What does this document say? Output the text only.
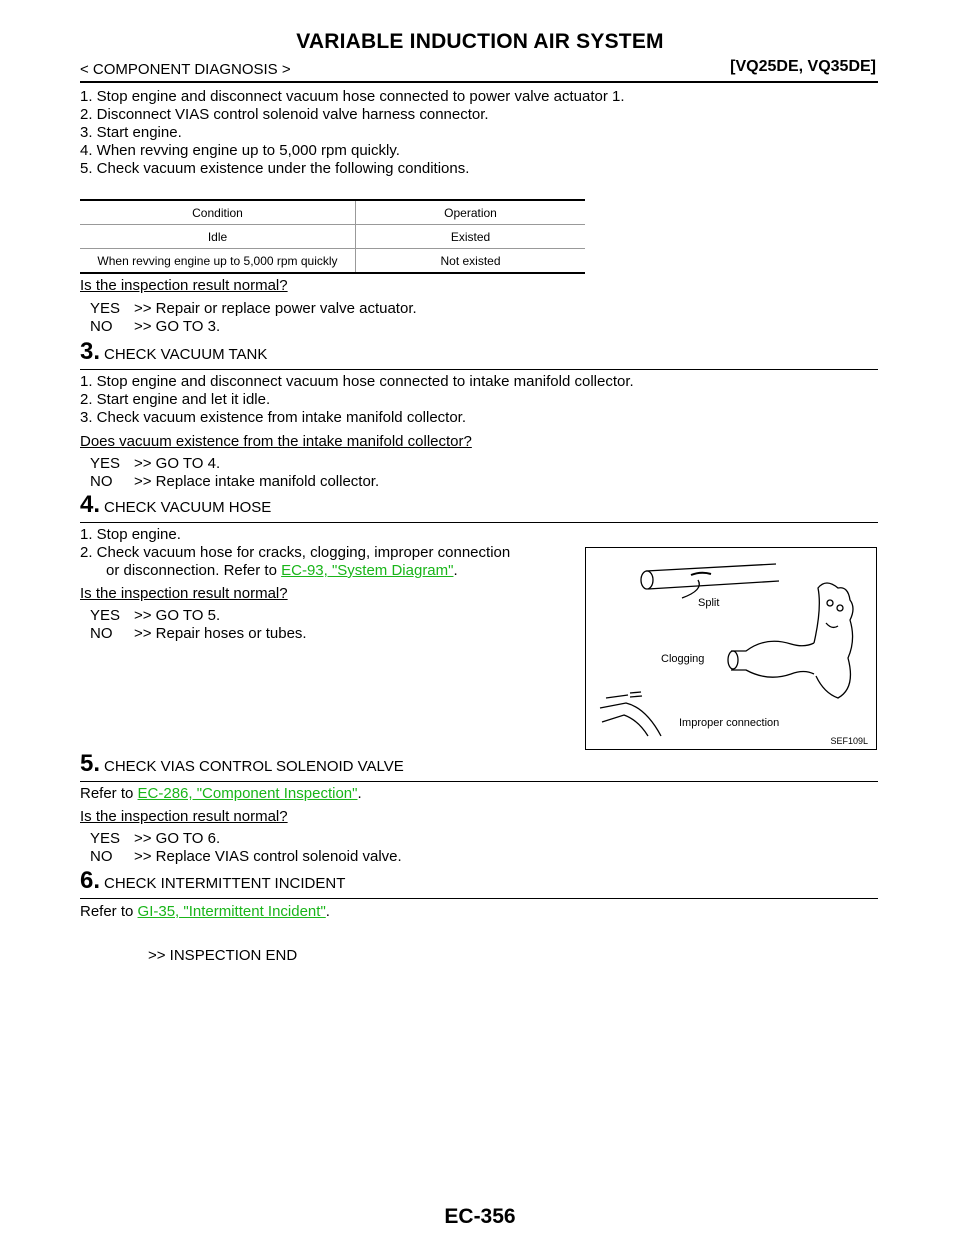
VARIABLE INDUCTION AIR SYSTEM
< COMPONENT DIAGNOSIS >	[VQ25DE, VQ35DE]
1. Stop engine and disconnect vacuum hose connected to power valve actuator 1.
2. Disconnect VIAS control solenoid valve harness connector.
3. Start engine.
4. When revving engine up to 5,000 rpm quickly.
5. Check vacuum existence under the following conditions.
Condition	Operation
Idle	Existed
When revving engine up to 5,000 rpm quickly	Not existed
Is the inspection result normal?
YES >> Repair or replace power valve actuator.
NO >> GO TO 3.
3. CHECK VACUUM TANK
1. Stop engine and disconnect vacuum hose connected to intake manifold collector.
2. Start engine and let it idle.
3. Check vacuum existence from intake manifold collector.
Does vacuum existence from the intake manifold collector?
YES >> GO TO 4.
NO >> Replace intake manifold collector.
4. CHECK VACUUM HOSE
1. Stop engine.
2. Check vacuum hose for cracks, clogging, improper connection
or disconnection. Refer to EC-93, "System Diagram".
Is the inspection result normal?
YES >> GO TO 5.
NO >> Repair hoses or tubes.
Split
Clogging
Improper connection
SEF109L
5. CHECK VIAS CONTROL SOLENOID VALVE
Refer to EC-286, "Component Inspection".
Is the inspection result normal?
YES >> GO TO 6.
NO >> Replace VIAS control solenoid valve.
6. CHECK INTERMITTENT INCIDENT
Refer to GI-35, "Intermittent Incident".
>> INSPECTION END
EC-356
